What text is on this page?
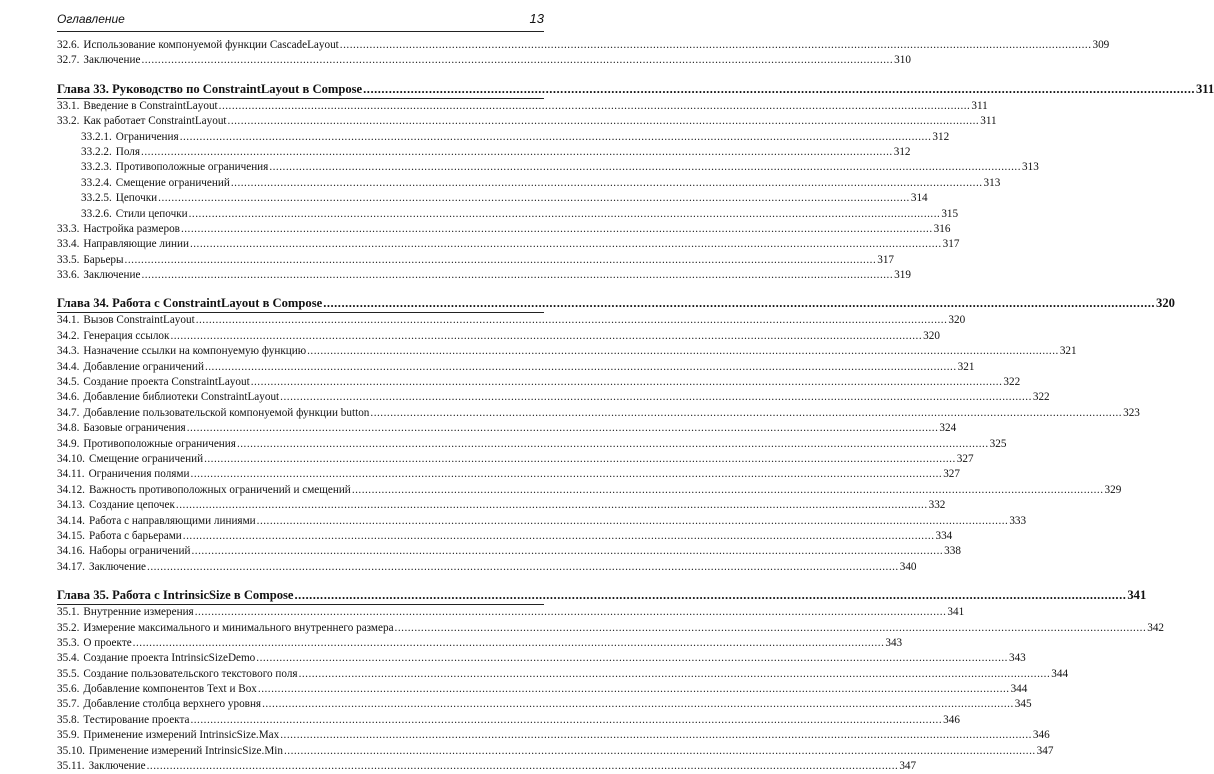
Оглавление	13
32.6. Использование компонуемой функции CascadeLayout .....	309
32.7. Заключение .....	310
Глава 33. Руководство по ConstraintLayout в Compose .....	311
33.1. Введение в ConstraintLayout .....	311
33.2. Как работает ConstraintLayout .....	311
33.2.1. Ограничения .....	312
33.2.2. Поля .....	312
33.2.3. Противоположные ограничения .....	313
33.2.4. Смещение ограничений .....	313
33.2.5. Цепочки .....	314
33.2.6. Стили цепочки .....	315
33.3. Настройка размеров .....	316
33.4. Направляющие линии .....	317
33.5. Барьеры .....	317
33.6. Заключение .....	319
Глава 34. Работа с ConstraintLayout в Compose .....	320
34.1. Вызов ConstraintLayout .....	320
34.2. Генерация ссылок .....	320
34.3. Назначение ссылки на компонуемую функцию .....	321
34.4. Добавление ограничений .....	321
34.5. Создание проекта ConstraintLayout .....	322
34.6. Добавление библиотеки ConstraintLayout .....	322
34.7. Добавление пользовательской компонуемой функции button .....	323
34.8. Базовые ограничения .....	324
34.9. Противоположные ограничения .....	325
34.10. Смещение ограничений .....	327
34.11. Ограничения полями .....	327
34.12. Важность противоположных ограничений и смещений .....	329
34.13. Создание цепочек .....	332
34.14. Работа с направляющими линиями .....	333
34.15. Работа с барьерами .....	334
34.16. Наборы ограничений .....	338
34.17. Заключение .....	340
Глава 35. Работа с IntrinsicSize в Compose .....	341
35.1. Внутренние измерения .....	341
35.2. Измерение максимального и минимального внутреннего размера .....	342
35.3. О проекте .....	343
35.4. Создание проекта IntrinsicSizeDemo .....	343
35.5. Создание пользовательского текстового поля .....	344
35.6. Добавление компонентов Text и Box .....	344
35.7. Добавление столбца верхнего уровня .....	345
35.8. Тестирование проекта .....	346
35.9. Применение измерений IntrinsicSize.Max .....	346
35.10. Применение измерений IntrinsicSize.Min .....	347
35.11. Заключение .....	347
